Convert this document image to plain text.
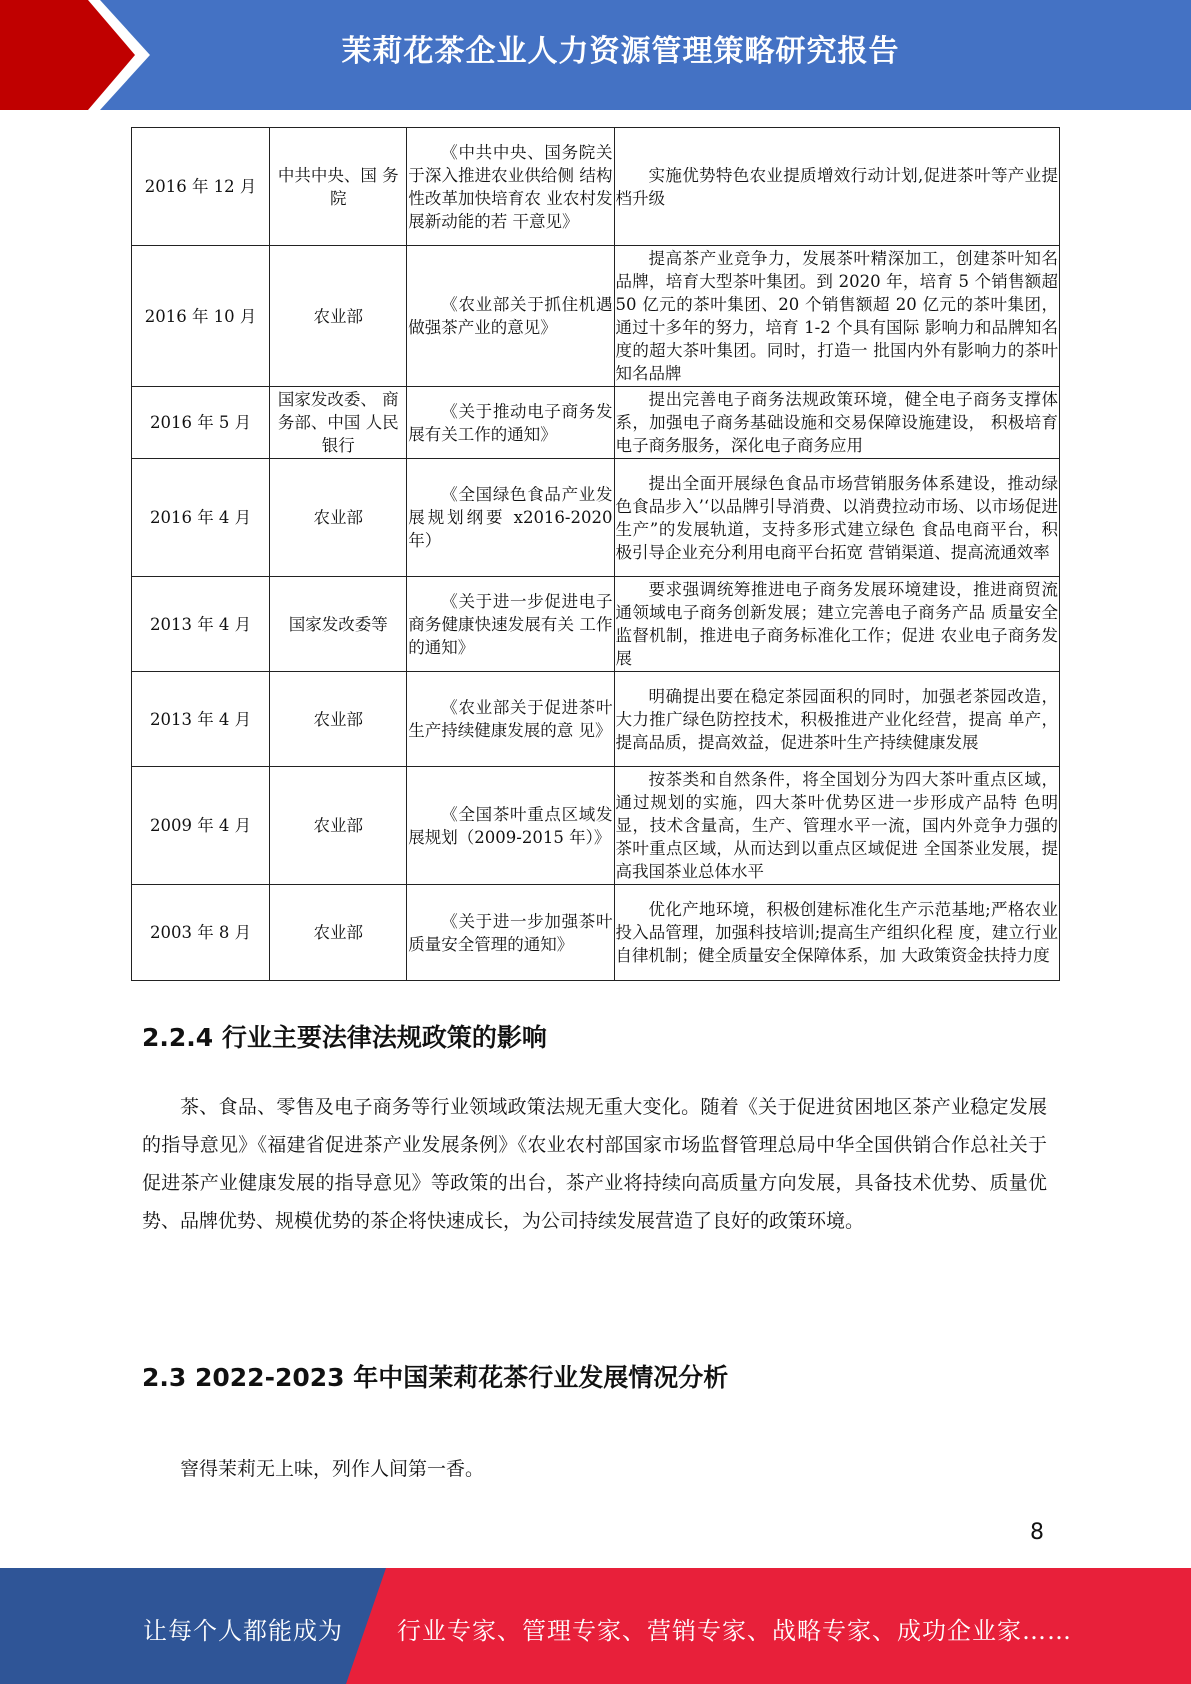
茉莉花茶企业人力资源管理策略研究报告
2016 年 12 月	中共中央、国 务院	《中共中央、国务院关 于深入推进农业供给侧 结构性改革加快培育农 业农村发展新动能的若 干意见》	实施优势特色农业提质增效行动计划,促进茶叶等产业提档升级
2016 年 10 月	农业部	《农业部关于抓住机遇 做强茶产业的意见》	提高茶产业竞争力，发展茶叶精深加工，创建茶叶知名品牌，培育大型茶叶集团。到 2020 年，培育 5 个销售额超 50 亿元的茶叶集团、20 个销售额超 20 亿元的茶叶集团，通过十多年的努力，培育 1-2 个具有国际 影响力和品牌知名度的超大茶叶集团。同时，打造一 批国内外有影响力的茶叶知名品牌
2016 年 5 月	国家发改委、 商务部、中国 人民银行	《关于推动电子商务发 展有关工作的通知》	提出完善电子商务法规政策环境，健全电子商务支撑体系，加强电子商务基础设施和交易保障设施建设， 积极培育电子商务服务，深化电子商务应用
2016 年 4 月	农业部	《全国绿色食品产业发 展规划纲要 x2016-2020 年）	提出全面开展绿色食品市场营销服务体系建设，推动绿色食品步入’‘以品牌引导消费、以消费拉动市场、以市场促进生产”的发展轨道，支持多形式建立绿色 食品电商平台，积极引导企业充分利用电商平台拓宽 营销渠道、提高流通效率
2013 年 4 月	国家发改委等	《关于进一步促进电子 商务健康快速发展有关 工作的通知》	要求强调统筹推进电子商务发展环境建设，推进商贸流通领域电子商务创新发展；建立完善电子商务产品 质量安全监督机制，推进电子商务标准化工作；促进 农业电子商务发展
2013 年 4 月	农业部	《农业部关于促进茶叶 生产持续健康发展的意 见》	明确提出要在稳定茶园面积的同时，加强老茶园改造， 大力推广绿色防控技术，积极推进产业化经营，提高 单产，提高品质，提高效益，促进茶叶生产持续健康发展
2009 年 4 月	农业部	《全国茶叶重点区域发 展规划（2009-2015 年）》	按茶类和自然条件，将全国划分为四大茶叶重点区域， 通过规划的实施，四大茶叶优势区进一步形成产品特 色明显，技术含量高，生产、管理水平一流，国内外竞争力强的茶叶重点区域，从而达到以重点区域促进 全国茶业发展，提高我国茶业总体水平
2003 年 8 月	农业部	《关于进一步加强茶叶 质量安全管理的通知》	优化产地环境，积极创建标准化生产示范基地;严格农业投入品管理，加强科技培训;提高生产组织化程 度，建立行业自律机制；健全质量安全保障体系，加 大政策资金扶持力度
2.2.4 行业主要法律法规政策的影响

茶、食品、零售及电子商务等行业领域政策法规无重大变化。随着《关于促进贫困地区茶产业稳定发展的指导意见》《福建省促进茶产业发展条例》《农业农村部国家市场监督管理总局中华全国供销合作总社关于促进茶产业健康发展的指导意见》等政策的出台，茶产业将持续向高质量方向发展，具备技术优势、质量优势、品牌优势、规模优势的茶企将快速成长，为公司持续发展营造了良好的政策环境。

2.3 2022-2023 年中国茉莉花茶行业发展情况分析

窨得茉莉无上味，列作人间第一香。

8
让每个人都能成为 行业专家、管理专家、营销专家、战略专家、成功企业家……
